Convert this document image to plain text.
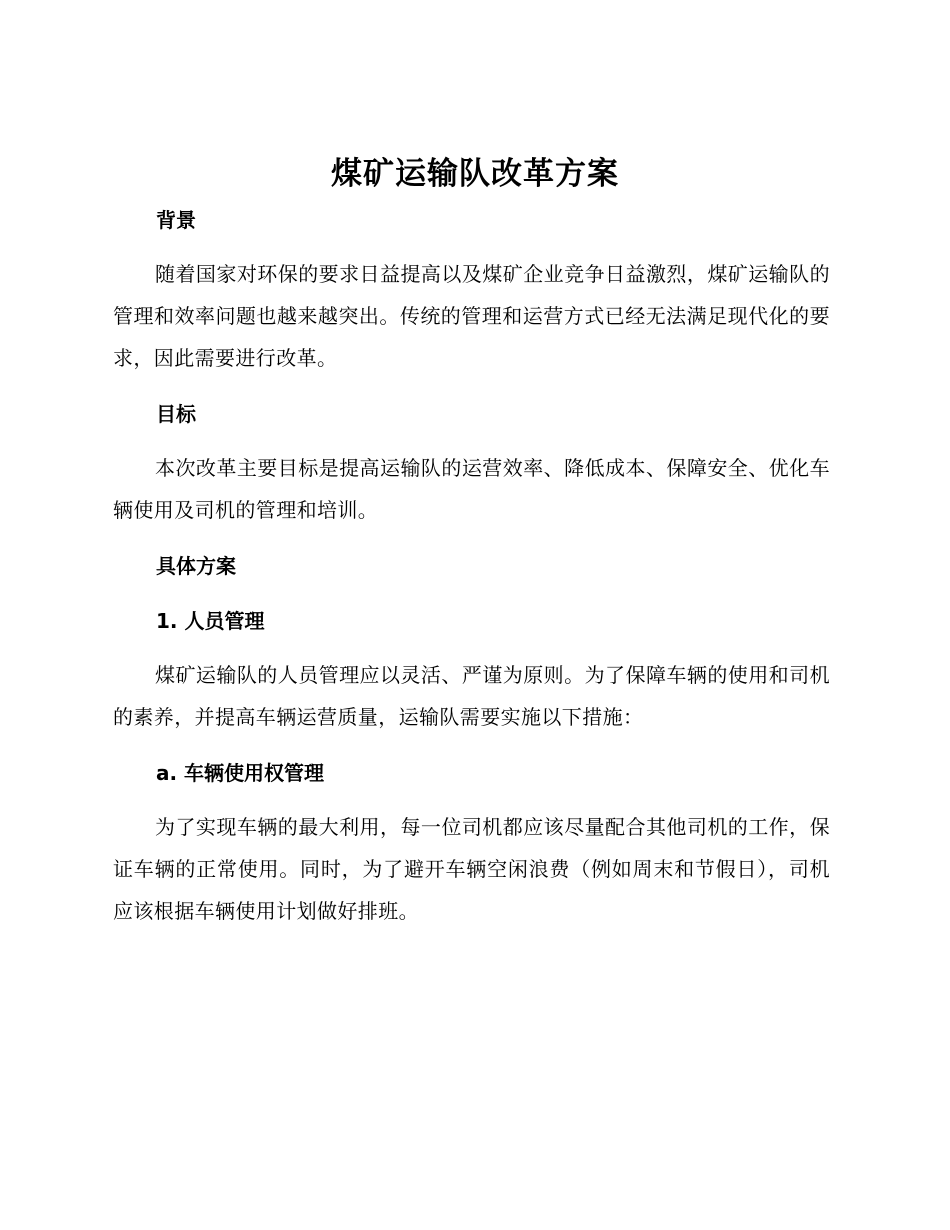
煤矿运输队改革方案
背景

随着国家对环保的要求日益提高以及煤矿企业竞争日益激烈，煤矿运输队的管理和效率问题也越来越突出。传统的管理和运营方式已经无法满足现代化的要求，因此需要进行改革。

目标

本次改革主要目标是提高运输队的运营效率、降低成本、保障安全、优化车辆使用及司机的管理和培训。

具体方案
1. 人员管理

煤矿运输队的人员管理应以灵活、严谨为原则。为了保障车辆的使用和司机的素养，并提高车辆运营质量，运输队需要实施以下措施：

a. 车辆使用权管理

为了实现车辆的最大利用，每一位司机都应该尽量配合其他司机的工作，保证车辆的正常使用。同时，为了避开车辆空闲浪费（例如周末和节假日），司机应该根据车辆使用计划做好排班。
